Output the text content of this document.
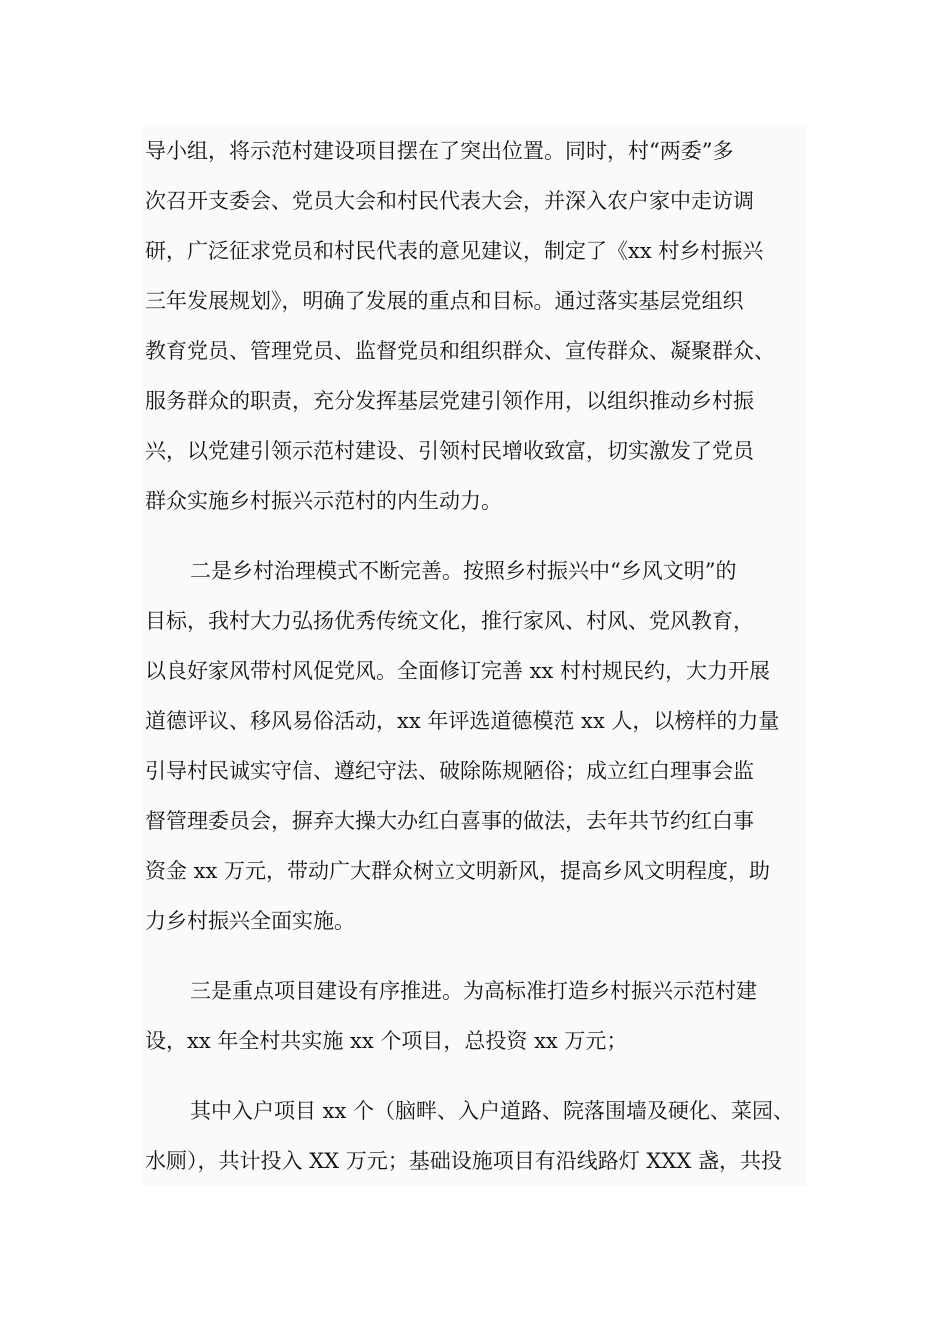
导小组，将示范村建设项目摆在了突出位置。同时，村“两委”多
次召开支委会、党员大会和村民代表大会，并深入农户家中走访调
研，广泛征求党员和村民代表的意见建议，制定了《xx 村乡村振兴
三年发展规划》，明确了发展的重点和目标。通过落实基层党组织
教育党员、管理党员、监督党员和组织群众、宣传群众、凝聚群众、
服务群众的职责，充分发挥基层党建引领作用，以组织推动乡村振
兴，以党建引领示范村建设、引领村民增收致富，切实激发了党员
群众实施乡村振兴示范村的内生动力。
二是乡村治理模式不断完善。按照乡村振兴中“乡风文明”的
目标，我村大力弘扬优秀传统文化，推行家风、村风、党风教育，
以良好家风带村风促党风。全面修订完善 xx 村村规民约，大力开展
道德评议、移风易俗活动，xx 年评选道德模范 xx 人，以榜样的力量
引导村民诚实守信、遵纪守法、破除陈规陋俗；成立红白理事会监
督管理委员会，摒弃大操大办红白喜事的做法，去年共节约红白事
资金 xx 万元，带动广大群众树立文明新风，提高乡风文明程度，助
力乡村振兴全面实施。
三是重点项目建设有序推进。为高标准打造乡村振兴示范村建
设，xx 年全村共实施 xx 个项目，总投资 xx 万元；
其中入户项目 xx 个（脑畔、入户道路、院落围墙及硬化、菜园、
水厕），共计投入 XX 万元；基础设施项目有沿线路灯 XXX 盏，共投
